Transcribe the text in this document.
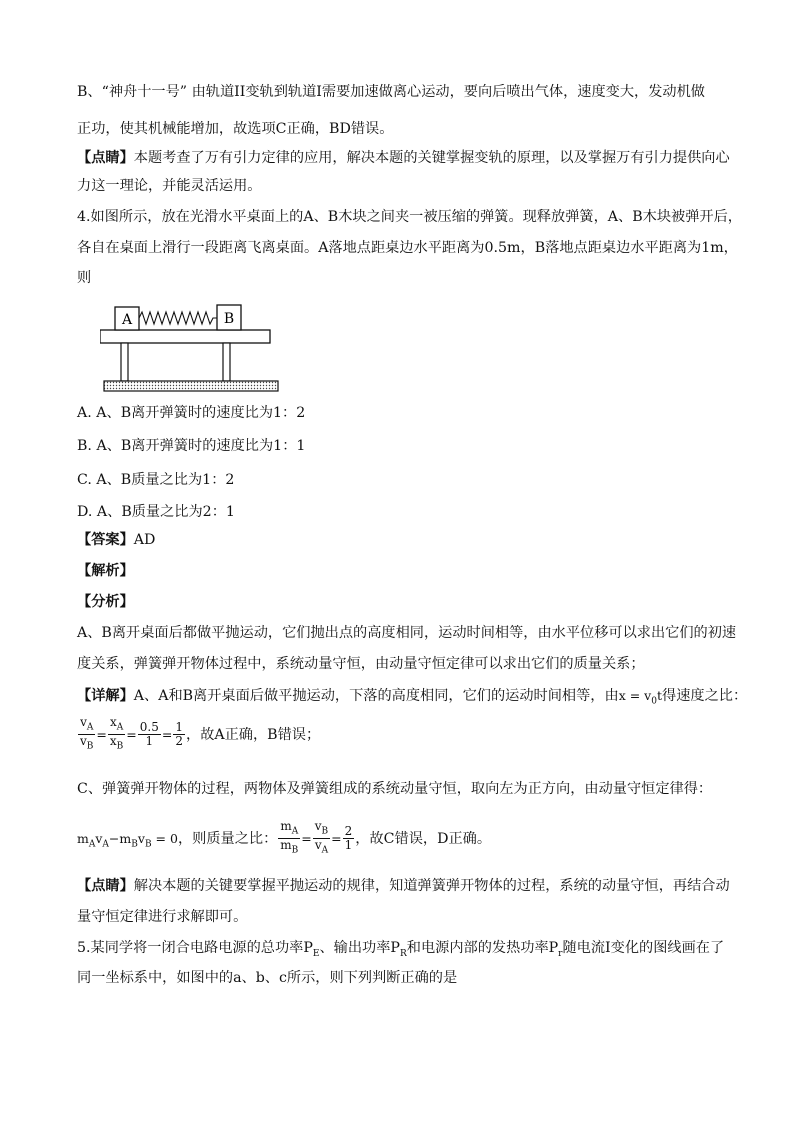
B、“神舟十一号” 由轨道II变轨到轨道I需要加速做离心运动，要向后喷出气体，速度变大，发动机做
正功，使其机械能增加，故选项C正确，BD错误。
【点睛】本题考查了万有引力定律的应用，解决本题的关键掌握变轨的原理，以及掌握万有引力提供向心
力这一理论，并能灵活运用。
4.如图所示，放在光滑水平桌面上的A、B木块之间夹一被压缩的弹簧。现释放弹簧，A、B木块被弹开后，
各自在桌面上滑行一段距离飞离桌面。A落地点距桌边水平距离为0.5m，B落地点距桌边水平距离为1m，
则
A	B
A. A、B离开弹簧时的速度比为1：2
B. A、B离开弹簧时的速度比为1：1
C. A、B质量之比为1：2
D. A、B质量之比为2：1
【答案】AD
【解析】
【分析】
A、B离开桌面后都做平抛运动，它们抛出点的高度相同，运动时间相等，由水平位移可以求出它们的初速
度关系，弹簧弹开物体过程中，系统动量守恒，由动量守恒定律可以求出它们的质量关系；
【详解】A、A和B离开桌面后做平抛运动，下落的高度相同，它们的运动时间相等，由$x = v_0t$得速度之比：
$\frac{v_A}{v_B} = \frac{x_A}{x_B} = \frac{0.5}{1} = \frac{1}{2}$ ，故A正确，B错误；
C、弹簧弹开物体的过程，两物体及弹簧组成的系统动量守恒，取向左为正方向，由动量守恒定律得：
$m_Av_A-m_Bv_B = 0$，则质量之比： $\frac{m_A}{m_B} = \frac{v_B}{v_A} = \frac{2}{1}$ ，故C错误，D正确。
【点睛】解决本题的关键要掌握平抛运动的规律，知道弹簧弹开物体的过程，系统的动量守恒，再结合动
量守恒定律进行求解即可。
5.某同学将一闭合电路电源的总功率$P_E$、输出功率$P_R$和电源内部的发热功率$P_r$随电流I变化的图线画在了
同一坐标系中，如图中的a、b、c所示，则下列判断正确的是
